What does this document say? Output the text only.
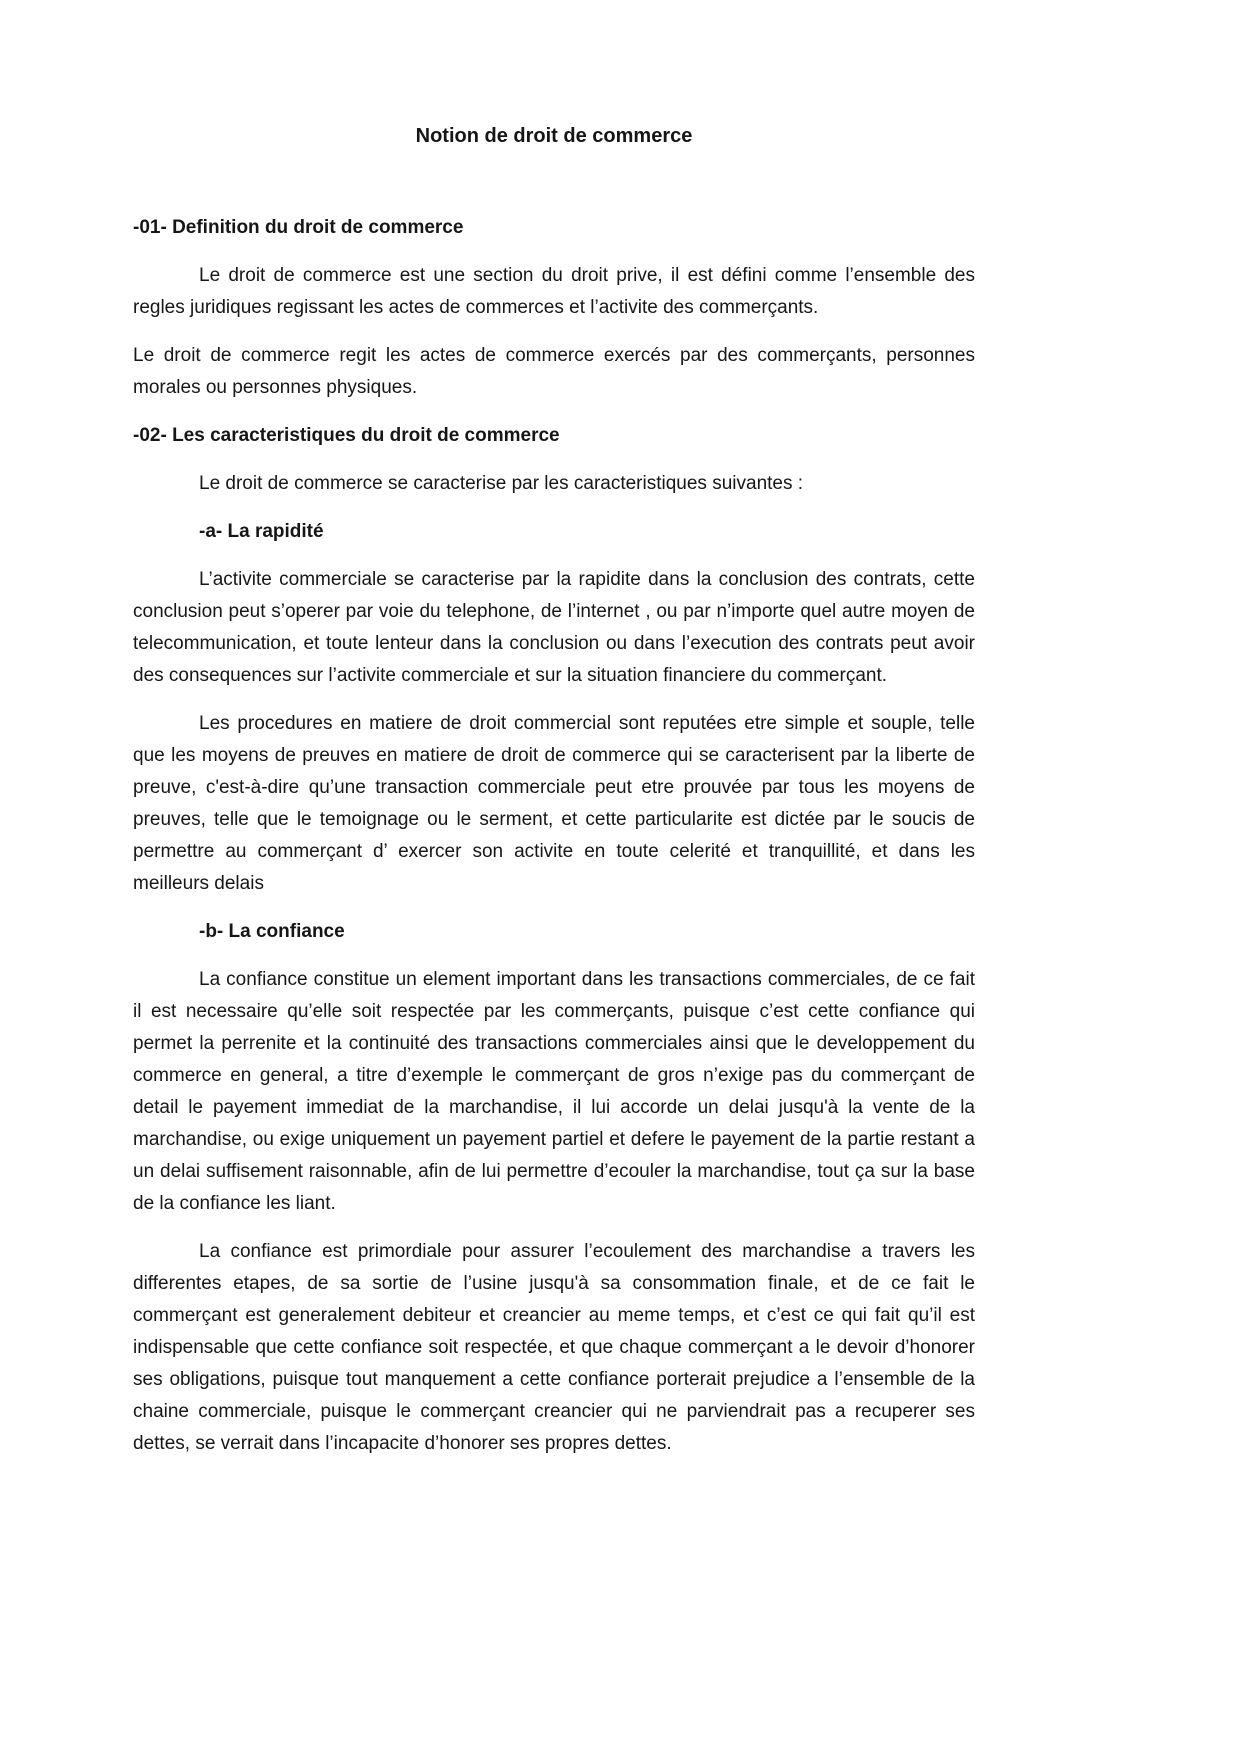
Notion de droit de commerce
-01- Definition du droit de commerce

Le droit de commerce est une section du droit prive, il est défini comme l’ensemble des regles juridiques regissant les actes de commerces et l’activite des commerçants.

Le droit de commerce regit les actes de commerce exercés par des commerçants, personnes morales ou personnes physiques.

-02- Les caracteristiques du droit de commerce

Le droit de commerce se caracterise par les caracteristiques suivantes :

-a- La rapidité

L’activite commerciale se caracterise par la rapidite dans la conclusion des contrats, cette conclusion peut s’operer par voie du telephone, de l’internet , ou par n’importe quel autre moyen de telecommunication, et toute lenteur dans la conclusion ou dans l’execution des contrats peut avoir des consequences sur l’activite commerciale et sur la situation financiere du commerçant.

Les procedures en matiere de droit commercial sont reputées etre simple et souple, telle que les moyens de preuves en matiere de droit de commerce qui se caracterisent par la liberte de preuve, c'est-à-dire qu’une transaction commerciale peut etre prouvée par tous les moyens de preuves, telle que le temoignage ou le serment, et cette particularite est dictée par le soucis de permettre au commerçant d’ exercer son activite en toute celerité et tranquillité, et dans les meilleurs delais

-b- La confiance

La confiance constitue un element important dans les transactions commerciales, de ce fait il est necessaire qu’elle soit respectée par les commerçants, puisque c’est cette confiance qui permet la perrenite et la continuité des transactions commerciales ainsi que le developpement du commerce en general, a titre d’exemple le commerçant de gros n’exige pas du commerçant de detail le payement immediat de la marchandise, il lui accorde un delai jusqu'à la vente de la marchandise, ou exige uniquement un payement partiel et defere le payement de la partie restant a un delai suffisement raisonnable, afin de lui permettre d’ecouler la marchandise, tout ça sur la base de la confiance les liant.

La confiance est primordiale pour assurer l’ecoulement des marchandise a travers les differentes etapes, de sa sortie de l’usine jusqu'à sa consommation finale, et de ce fait le commerçant est generalement debiteur et creancier au meme temps, et c’est ce qui fait qu’il est indispensable que cette confiance soit respectée, et que chaque commerçant a le devoir d’honorer ses obligations, puisque tout manquement a cette confiance porterait prejudice a l’ensemble de la chaine commerciale, puisque le commerçant creancier qui ne parviendrait pas a recuperer ses dettes, se verrait dans l’incapacite d’honorer ses propres dettes.
